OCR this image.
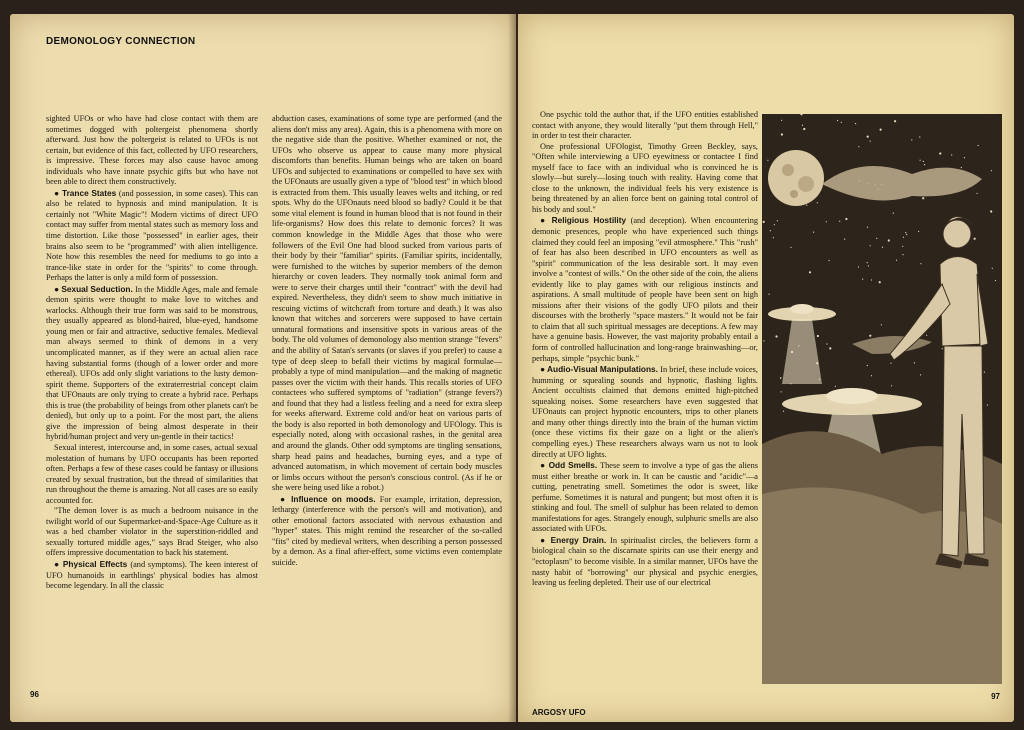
DEMONOLOGY CONNECTION

sighted UFOs or who have had close contact with them are sometimes dogged with poltergeist phenomena shortly afterward. Just how the poltergeist is related to UFOs is not certain, but evidence of this fact, collected by UFO researchers, is impressive. These forces may also cause havoc among individuals who have innate psychic gifts but who have not been able to direct them constructively.

● Trance States (and possession, in some cases). This can also be related to hypnosis and mind manipulation. It is certainly not "White Magic"! Modern victims of direct UFO contact may suffer from mental states such as memory loss and time distortion. Like those "possessed" in earlier ages, their brains also seem to be "programmed" with alien intelligence. Note how this resembles the need for mediums to go into a trance-like state in order for the "spirits" to come through. Perhaps the latter is only a mild form of possession.

● Sexual Seduction. In the Middle Ages, male and female demon spirits were thought to make love to witches and warlocks. Although their true form was said to be monstrous, they usually appeared as blond-haired, blue-eyed, handsome young men or fair and attractive, seductive females. Medieval man always seemed to think of demons in a very uncomplicated manner, as if they were an actual alien race having substantial forms (though of a lower order and more ethereal). UFOs add only slight variations to the lusty demon-spirit theme. Supporters of the extraterrestrial concept claim that UFOnauts are only trying to create a hybrid race. Perhaps this is true (the probability of beings from other planets can't be denied), but only up to a point. For the most part, the aliens give the impression of being almost desperate in their hybrid/human project and very un-gentle in their tactics!

Sexual interest, intercourse and, in some cases, actual sexual molestation of humans by UFO occupants has been reported often. Perhaps a few of these cases could be fantasy or illusions created by sexual frustration, but the thread of similarities that run throughout the theme is amazing. Not all cases are so easily accounted for.

"The demon lover is as much a bedroom nuisance in the twilight world of our Supermarket-and-Space-Age Culture as it was a bed chamber violator in the superstition-riddled and sexually tortured middle ages," says Brad Steiger, who also offers impressive documentation to back his statement.

● Physical Effects (and symptoms). The keen interest of UFO humanoids in earthlings' physical bodies has almost become legendary. In all the classic

abduction cases, examinations of some type are performed (and the aliens don't miss any area). Again, this is a phenomena with more on the negative side than the positive. Whether examined or not, the UFOs who observe us appear to cause many more physical discomforts than benefits. Human beings who are taken on board UFOs and subjected to examinations or compelled to have sex with the UFOnauts are usually given a type of "blood test" in which blood is extracted from them. This usually leaves welts and itching, or red spots. Why do the UFOnauts need blood so badly? Could it be that some vital element is found in human blood that is not found in their life-organisms? How does this relate to demonic forces? It was common knowledge in the Middle Ages that those who were followers of the Evil One had blood sucked from various parts of their body by their "familiar" spirits. (Familiar spirits, incidentally, were furnished to the witches by superior members of the demon hierarchy or coven leaders. They normally took animal form and were to serve their charges until their "contract" with the devil had expired. Nevertheless, they didn't seem to show much initiative in rescuing victims of witchcraft from torture and death.) It was also known that witches and sorcerers were supposed to have certain unnatural formations and insensitive spots in various areas of the body. The old volumes of demonology also mention strange "fevers" and the ability of Satan's servants (or slaves if you prefer) to cause a type of deep sleep to befall their victims by magical formulae—probably a type of mind manipulation—and the making of magnetic passes over the victim with their hands. This recalls stories of UFO contactees who suffered symptoms of "radiation" (strange fevers?) and found that they had a listless feeling and a need for extra sleep for weeks afterward. Extreme cold and/or heat on various parts of the body is also reported in both demonology and UFOlogy. This is especially noted, along with occasional rashes, in the genital area and around the glands. Other odd symptoms are tingling sensations, sharp head pains and headaches, burning eyes, and a type of advanced automatism, in which movement of certain body muscles or limbs occurs without the person's conscious control. (As if he or she were being used like a robot.)

● Influence on moods. For example, irritation, depression, lethargy (interference with the person's will and motivation), and other emotional factors associated with nervous exhaustion and "hyper" states. This might remind the researcher of the so-called "fits" cited by medieval writers, when describing a person possessed by a demon. As a final after-effect, some victims even contemplate suicide.

96

One psychic told the author that, if the UFO entities established contact with anyone, they would literally "put them through Hell," in order to test their character.

One professional UFOlogist, Timothy Green Beckley, says, "Often while interviewing a UFO eyewitness or contactee I find myself face to face with an individual who is convinced he is slowly—but surely—losing touch with reality. Having come that close to the unknown, the individual feels his very existence is being threatened by an alien force bent on gaining total control of his body and soul."

● Religious Hostility (and deception). When encountering demonic presences, people who have experienced such things claimed they could feel an imposing "evil atmosphere." This "rush" of fear has also been described in UFO encounters as well as "spirit" communication of the less desirable sort. It may even involve a "contest of wills." On the other side of the coin, the aliens evidently like to play games with our religious instincts and aspirations. A small multitude of people have been sent on high missions after their visions of the godly UFO pilots and their discourses with the brotherly "space masters." It would not be fair to claim that all such spiritual messages are deceptions. A few may have a genuine basis. However, the vast majority probably entail a form of controlled hallucination and long-range brainwashing—or, perhaps, simple "psychic bunk."

● Audio-Visual Manipulations. In brief, these include voices, humming or squealing sounds and hypnotic, flashing lights. Ancient occultists claimed that demons emitted high-pitched squeaking noises. Some researchers have even suggested that UFOnauts can project hypnotic encounters, trips to other planets and many other things directly into the brain of the human victim (once these victims fix their gaze on a light or the alien's compelling eyes.) These researchers always warn us not to look directly at UFO lights.

● Odd Smells. These seem to involve a type of gas the aliens must either breathe or work in. It can be caustic and "acidic"—a cutting, penetrating smell. Sometimes the odor is sweet, like perfume. Sometimes it is natural and pungent; but most often it is stinking and foul. The smell of sulphur has been related to demon manifestations for ages. Strangely enough, sulphuric smells are also associated with UFOs.

● Energy Drain. In spiritualist circles, the believers form a biological chain so the discarnate spirits can use their energy and "ectoplasm" to become visible. In a similar manner, UFOs have the nasty habit of "borrowing" our physical and psychic energies, leaving us feeling depleted. Their use of our electrical

97
ARGOSY UFO
